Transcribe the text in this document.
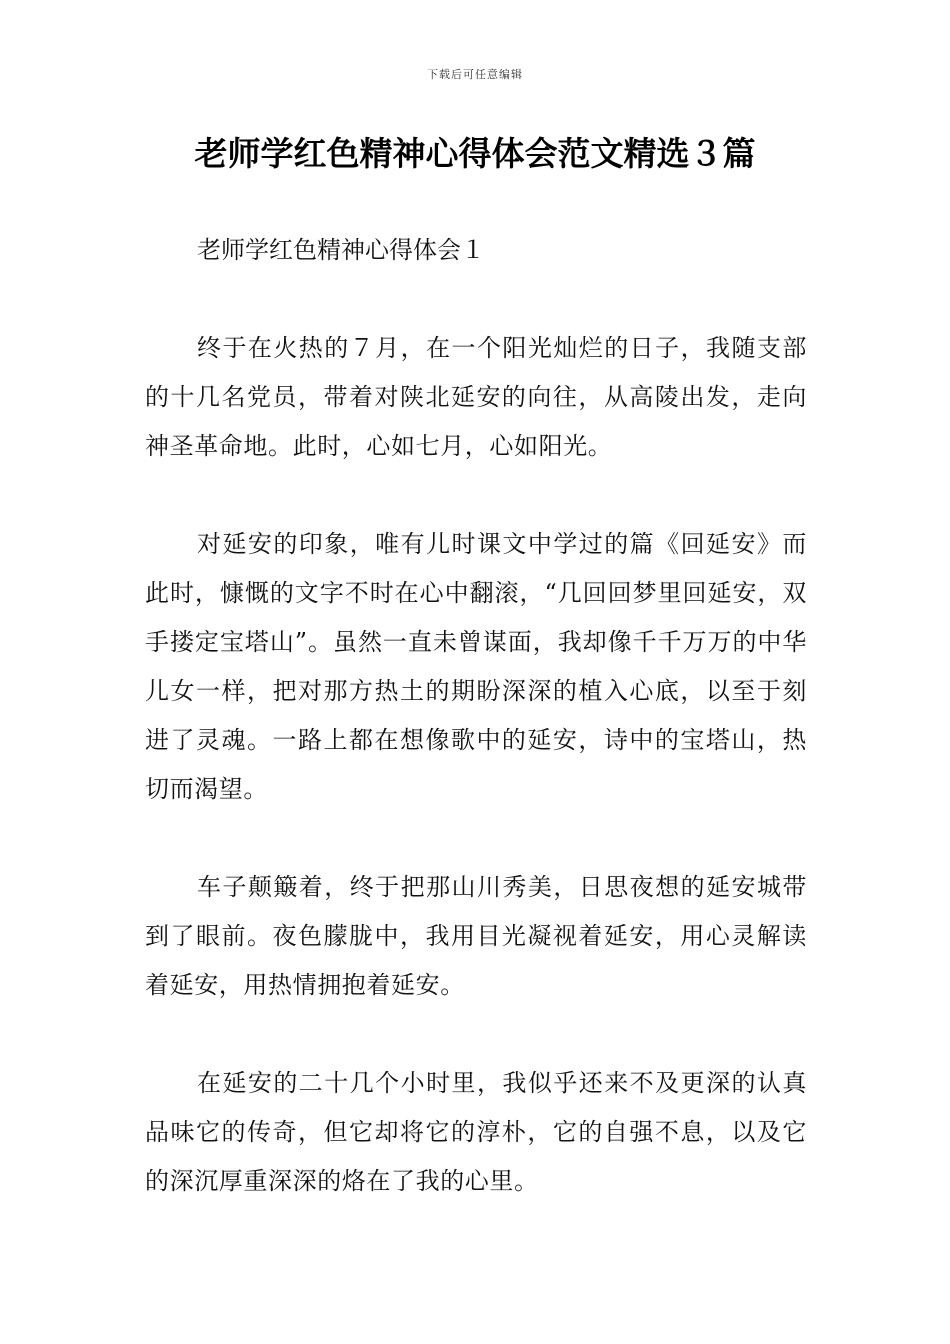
下载后可任意编辑
老师学红色精神心得体会范文精选３篇

老师学红色精神心得体会１

终于在火热的７月，在一个阳光灿烂的日子，我随支部的十几名党员，带着对陕北延安的向往，从高陵出发，走向神圣革命地。此时，心如七月，心如阳光。

对延安的印象，唯有儿时课文中学过的篇《回延安》而此时，慷慨的文字不时在心中翻滚，“几回回梦里回延安，双手搂定宝塔山”。虽然一直未曾谋面，我却像千千万万的中华儿女一样，把对那方热土的期盼深深的植入心底，以至于刻进了灵魂。一路上都在想像歌中的延安，诗中的宝塔山，热切而渴望。

车子颠簸着，终于把那山川秀美，日思夜想的延安城带到了眼前。夜色朦胧中，我用目光凝视着延安，用心灵解读着延安，用热情拥抱着延安。

在延安的二十几个小时里，我似乎还来不及更深的认真品味它的传奇，但它却将它的淳朴，它的自强不息，以及它的深沉厚重深深的烙在了我的心里。
